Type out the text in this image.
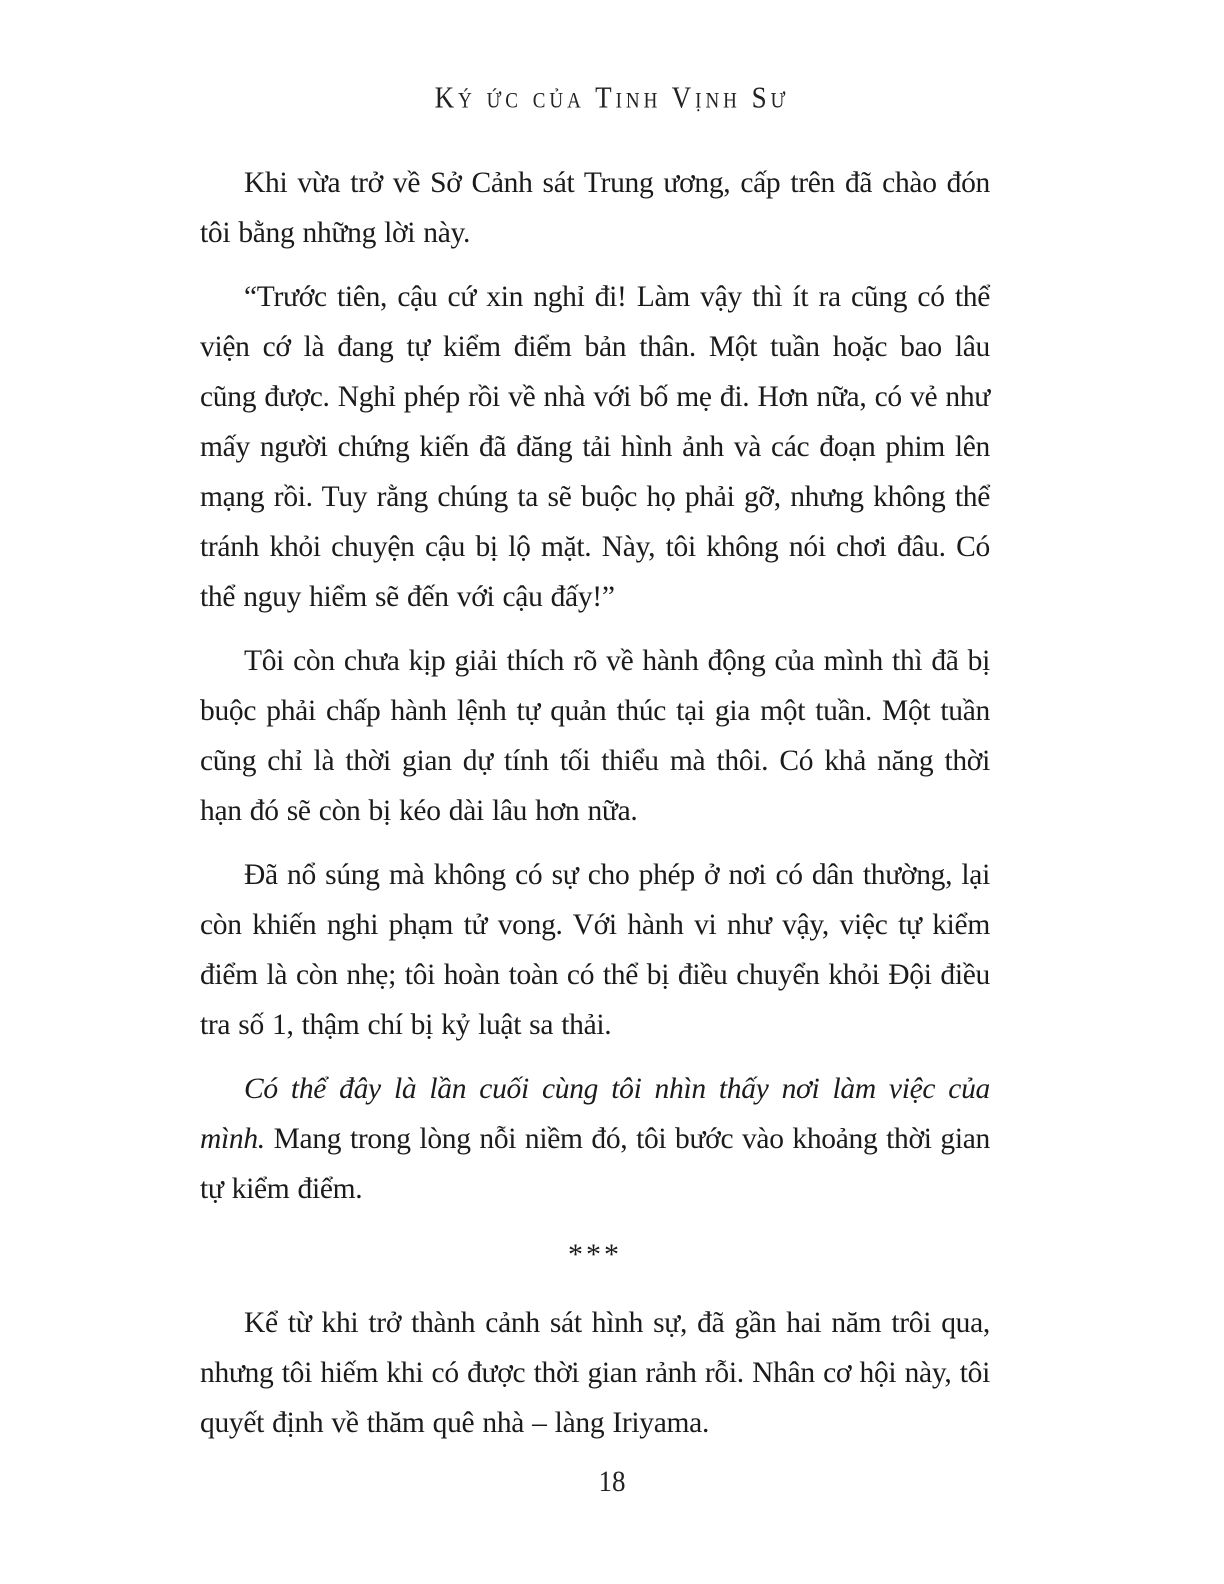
Ký ức của Tinh Vịnh Sư

Khi vừa trở về Sở Cảnh sát Trung ương, cấp trên đã chào đón tôi bằng những lời này.

“Trước tiên, cậu cứ xin nghỉ đi! Làm vậy thì ít ra cũng có thể viện cớ là đang tự kiểm điểm bản thân. Một tuần hoặc bao lâu cũng được. Nghỉ phép rồi về nhà với bố mẹ đi. Hơn nữa, có vẻ như mấy người chứng kiến đã đăng tải hình ảnh và các đoạn phim lên mạng rồi. Tuy rằng chúng ta sẽ buộc họ phải gỡ, nhưng không thể tránh khỏi chuyện cậu bị lộ mặt. Này, tôi không nói chơi đâu. Có thể nguy hiểm sẽ đến với cậu đấy!”

Tôi còn chưa kịp giải thích rõ về hành động của mình thì đã bị buộc phải chấp hành lệnh tự quản thúc tại gia một tuần. Một tuần cũng chỉ là thời gian dự tính tối thiểu mà thôi. Có khả năng thời hạn đó sẽ còn bị kéo dài lâu hơn nữa.

Đã nổ súng mà không có sự cho phép ở nơi có dân thường, lại còn khiến nghi phạm tử vong. Với hành vi như vậy, việc tự kiểm điểm là còn nhẹ; tôi hoàn toàn có thể bị điều chuyển khỏi Đội điều tra số 1, thậm chí bị kỷ luật sa thải.

Có thể đây là lần cuối cùng tôi nhìn thấy nơi làm việc của mình. Mang trong lòng nỗi niềm đó, tôi bước vào khoảng thời gian tự kiểm điểm.

***

Kể từ khi trở thành cảnh sát hình sự, đã gần hai năm trôi qua, nhưng tôi hiếm khi có được thời gian rảnh rỗi. Nhân cơ hội này, tôi quyết định về thăm quê nhà – làng Iriyama.

18
